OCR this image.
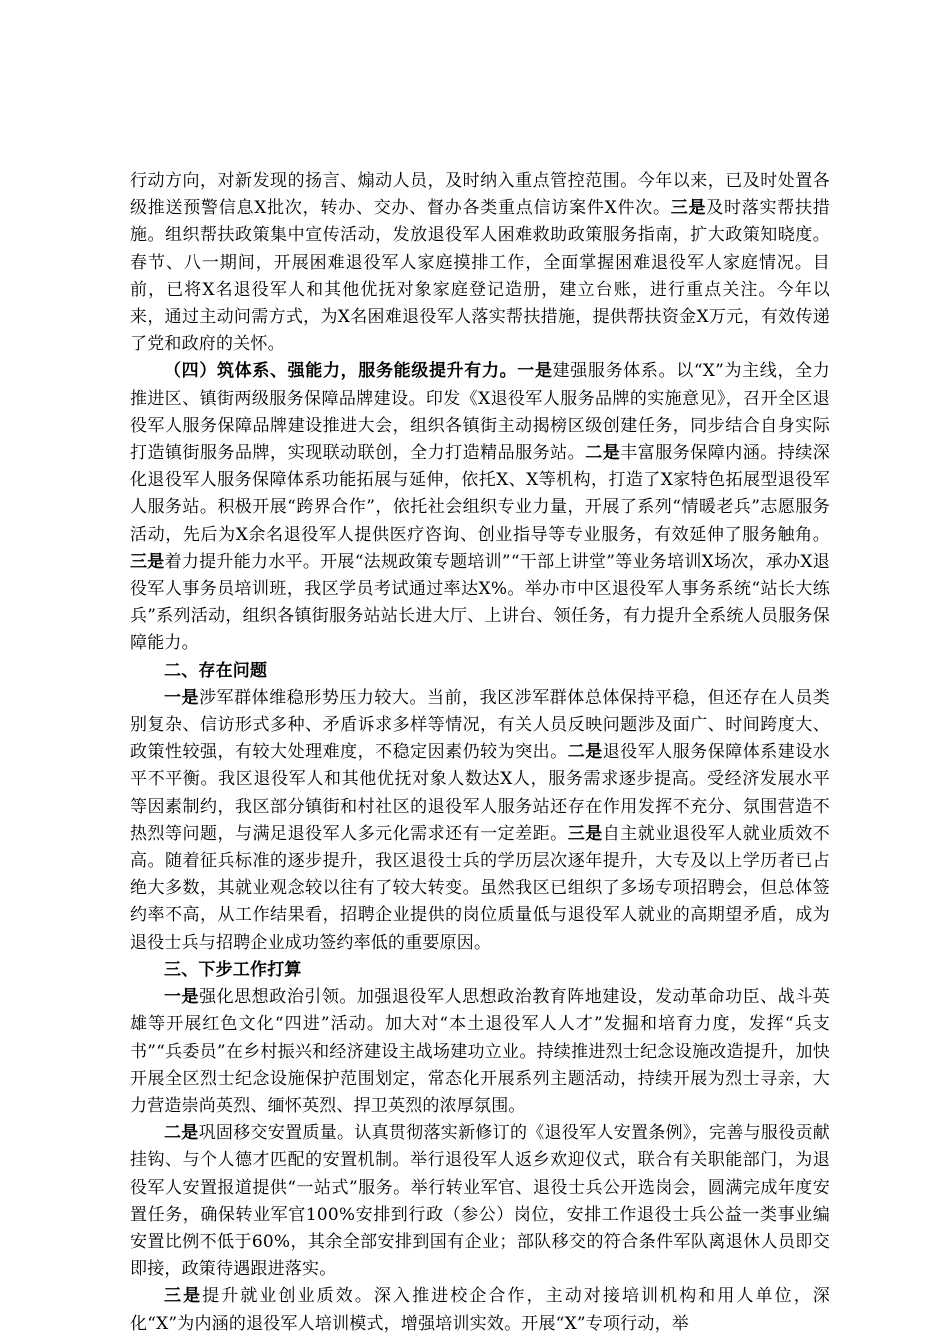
行动方向，对新发现的扬言、煽动人员，及时纳入重点管控范围。今年以来，已及时处置各级推送预警信息X批次，转办、交办、督办各类重点信访案件X件次。三是及时落实帮扶措施。组织帮扶政策集中宣传活动，发放退役军人困难救助政策服务指南，扩大政策知晓度。春节、八一期间，开展困难退役军人家庭摸排工作，全面掌握困难退役军人家庭情况。目前，已将X名退役军人和其他优抚对象家庭登记造册，建立台账，进行重点关注。今年以来，通过主动问需方式，为X名困难退役军人落实帮扶措施，提供帮扶资金X万元，有效传递了党和政府的关怀。

（四）筑体系、强能力，服务能级提升有力。一是建强服务体系。以“X”为主线，全力推进区、镇街两级服务保障品牌建设。印发《X退役军人服务品牌的实施意见》，召开全区退役军人服务保障品牌建设推进大会，组织各镇街主动揭榜区级创建任务，同步结合自身实际打造镇街服务品牌，实现联动联创，全力打造精品服务站。二是丰富服务保障内涵。持续深化退役军人服务保障体系功能拓展与延伸，依托X、X等机构，打造了X家特色拓展型退役军人服务站。积极开展“跨界合作”，依托社会组织专业力量，开展了系列“情暖老兵”志愿服务活动，先后为X余名退役军人提供医疗咨询、创业指导等专业服务，有效延伸了服务触角。三是着力提升能力水平。开展“法规政策专题培训”“干部上讲堂”等业务培训X场次，承办X退役军人事务员培训班，我区学员考试通过率达X%。举办市中区退役军人事务系统“站长大练兵”系列活动，组织各镇街服务站站长进大厅、上讲台、领任务，有力提升全系统人员服务保障能力。

二、存在问题

一是涉军群体维稳形势压力较大。当前，我区涉军群体总体保持平稳，但还存在人员类别复杂、信访形式多种、矛盾诉求多样等情况，有关人员反映问题涉及面广、时间跨度大、政策性较强，有较大处理难度，不稳定因素仍较为突出。二是退役军人服务保障体系建设水平不平衡。我区退役军人和其他优抚对象人数达X人，服务需求逐步提高。受经济发展水平等因素制约，我区部分镇街和村社区的退役军人服务站还存在作用发挥不充分、氛围营造不热烈等问题，与满足退役军人多元化需求还有一定差距。三是自主就业退役军人就业质效不高。随着征兵标准的逐步提升，我区退役士兵的学历层次逐年提升，大专及以上学历者已占绝大多数，其就业观念较以往有了较大转变。虽然我区已组织了多场专项招聘会，但总体签约率不高，从工作结果看，招聘企业提供的岗位质量低与退役军人就业的高期望矛盾，成为退役士兵与招聘企业成功签约率低的重要原因。

三、下步工作打算

一是强化思想政治引领。加强退役军人思想政治教育阵地建设，发动革命功臣、战斗英雄等开展红色文化“四进”活动。加大对“本土退役军人人才”发掘和培育力度，发挥“兵支书”“兵委员”在乡村振兴和经济建设主战场建功立业。持续推进烈士纪念设施改造提升，加快开展全区烈士纪念设施保护范围划定，常态化开展系列主题活动，持续开展为烈士寻亲，大力营造崇尚英烈、缅怀英烈、捍卫英烈的浓厚氛围。

二是巩固移交安置质量。认真贯彻落实新修订的《退役军人安置条例》，完善与服役贡献挂钩、与个人德才匹配的安置机制。举行退役军人返乡欢迎仪式，联合有关职能部门，为退役军人安置报道提供“一站式”服务。举行转业军官、退役士兵公开选岗会，圆满完成年度安置任务，确保转业军官100%安排到行政（参公）岗位，安排工作退役士兵公益一类事业编安置比例不低于60%，其余全部安排到国有企业；部队移交的符合条件军队离退休人员即交即接，政策待遇跟进落实。

三是提升就业创业质效。深入推进校企合作，主动对接培训机构和用人单位，深化“X”为内涵的退役军人培训模式，增强培训实效。开展“X”专项行动，举
